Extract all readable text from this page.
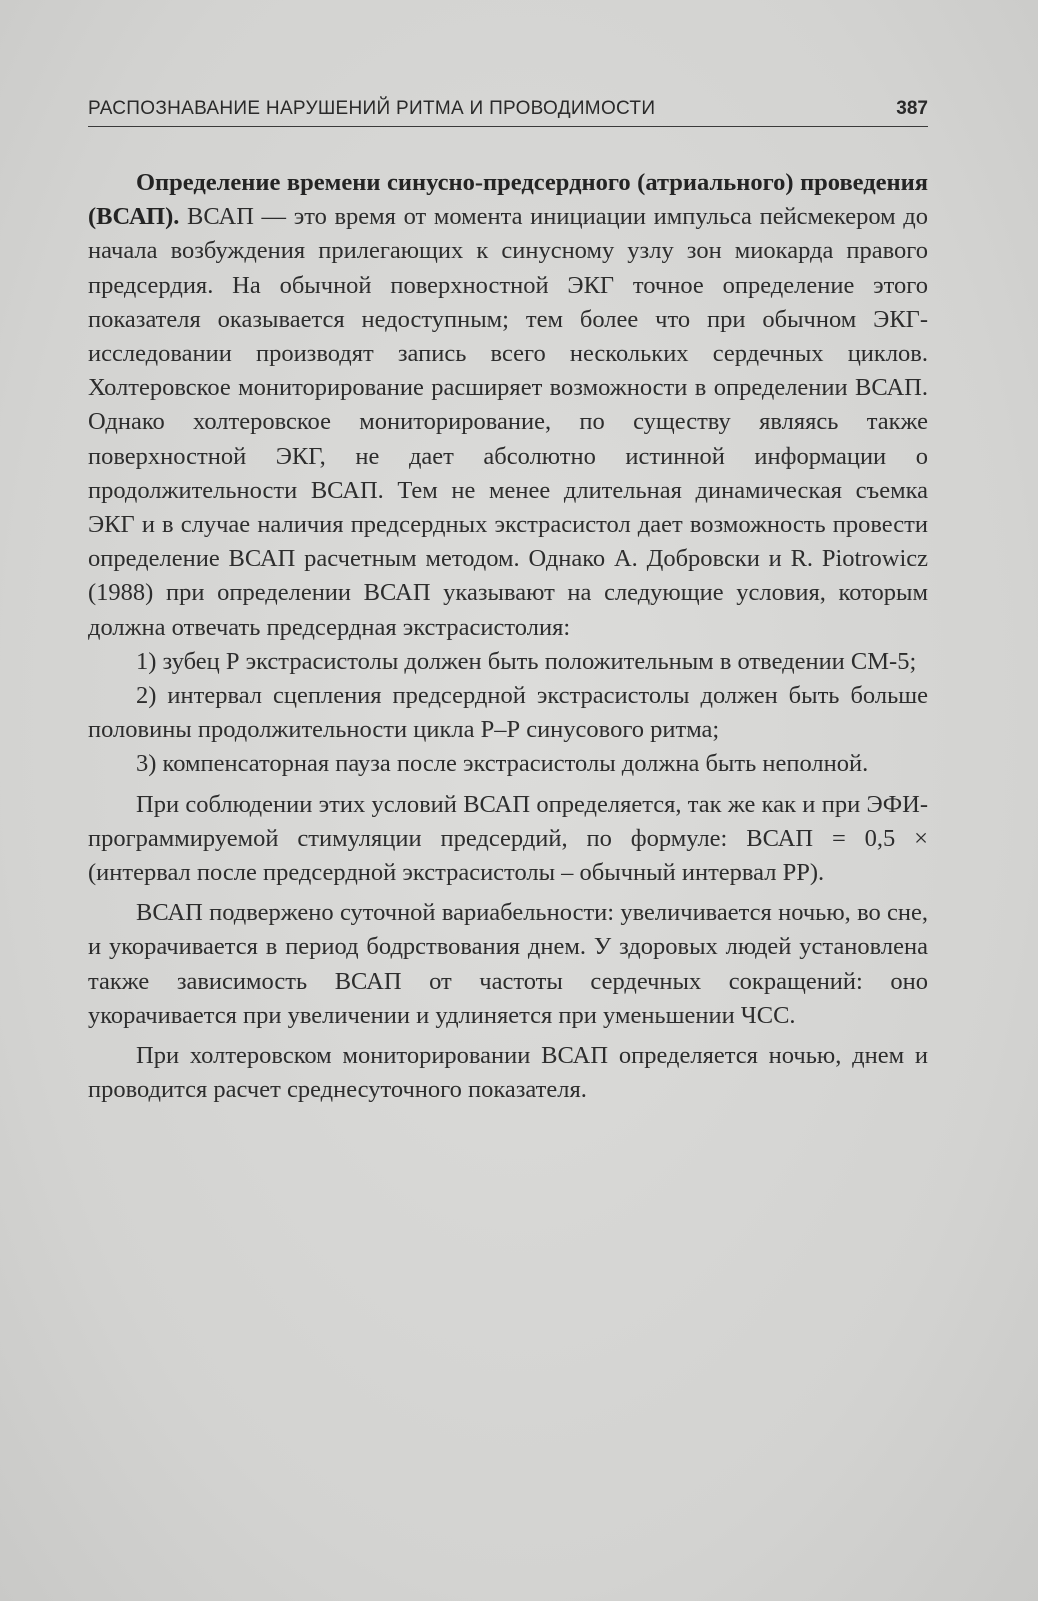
РАСПОЗНАВАНИЕ НАРУШЕНИЙ РИТМА И ПРОВОДИМОСТИ	387

Определение времени синусно-предсердного (атриального) проведения (ВСАП). ВСАП — это время от момента инициации импульса пейсмекером до начала возбуждения прилегающих к синусному узлу зон миокарда правого предсердия. На обычной поверхностной ЭКГ точное определение этого показателя оказывается недоступным; тем более что при обычном ЭКГ-исследовании производят запись всего нескольких сердечных циклов. Холтеровское мониторирование расширяет возможности в определении ВСАП. Однако холтеровское мониторирование, по существу являясь также поверхностной ЭКГ, не дает абсолютно истинной информации о продолжительности ВСАП. Тем не менее длительная динамическая съемка ЭКГ и в случае наличия предсердных экстрасистол дает возможность провести определение ВСАП расчетным методом. Однако А. Добровски и R. Piotrowicz (1988) при определении ВСАП указывают на следующие условия, которым должна отвечать предсердная экстрасистолия:

1) зубец Р экстрасистолы должен быть положительным в отведении СМ-5;

2) интервал сцепления предсердной экстрасистолы должен быть больше половины продолжительности цикла Р–Р синусового ритма;

3) компенсаторная пауза после экстрасистолы должна быть неполной.

При соблюдении этих условий ВСАП определяется, так же как и при ЭФИ-программируемой стимуляции предсердий, по формуле: ВСАП = 0,5 × (интервал после предсердной экстрасистолы – обычный интервал РР).

ВСАП подвержено суточной вариабельности: увеличивается ночью, во сне, и укорачивается в период бодрствования днем. У здоровых людей установлена также зависимость ВСАП от частоты сердечных сокращений: оно укорачивается при увеличении и удлиняется при уменьшении ЧСС.

При холтеровском мониторировании ВСАП определяется ночью, днем и проводится расчет среднесуточного показателя.
